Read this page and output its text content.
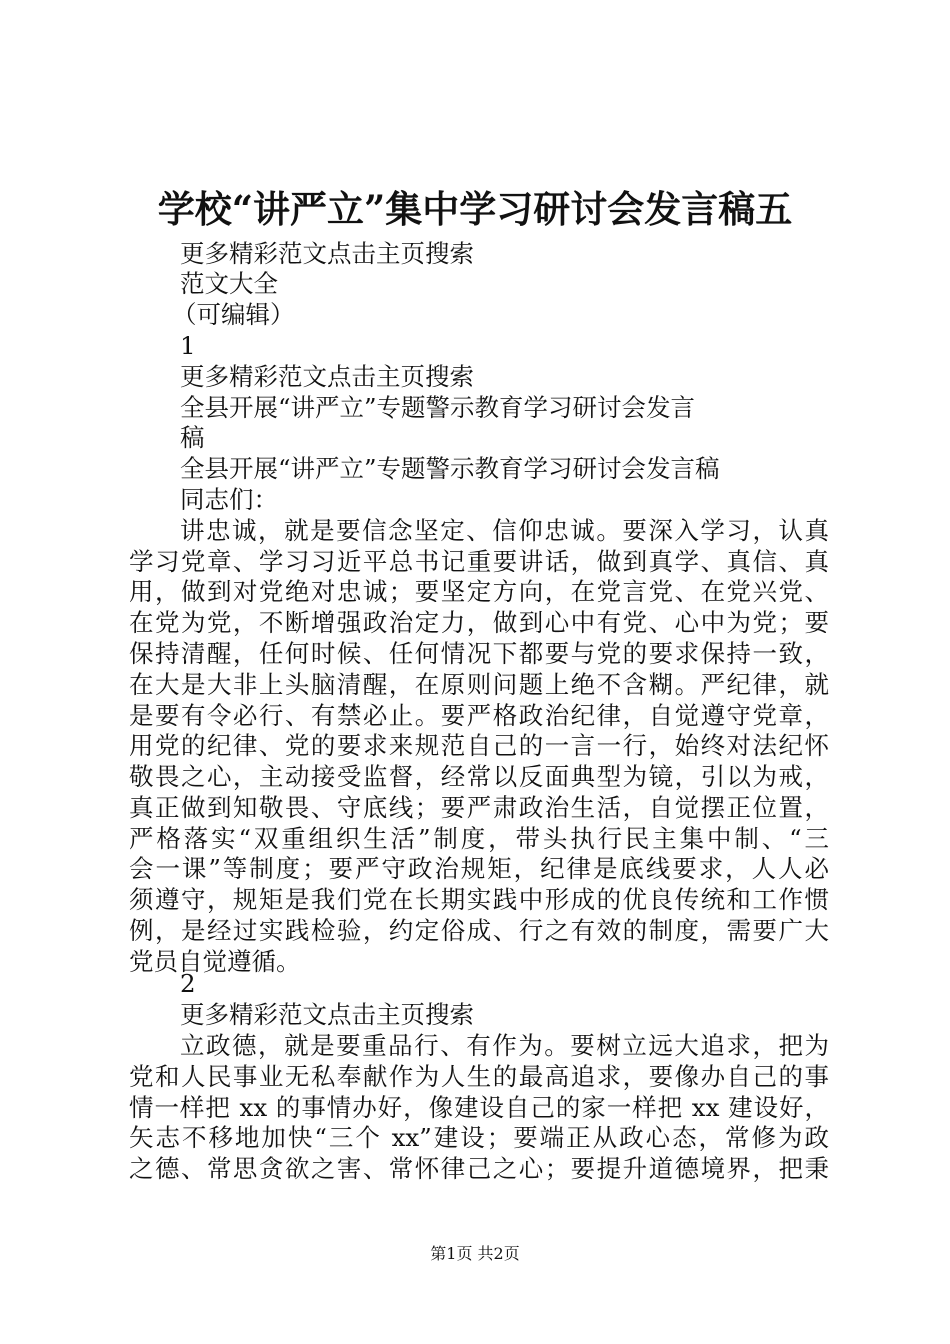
学校“讲严立”集中学习研讨会发言稿五
更多精彩范文点击主页搜索
范文大全
（可编辑）
1
更多精彩范文点击主页搜索
全县开展“讲严立”专题警示教育学习研讨会发言
稿
全县开展“讲严立”专题警示教育学习研讨会发言稿
同志们：
讲忠诚，就是要信念坚定、信仰忠诚。要深入学习，认真
学习党章、学习习近平总书记重要讲话，做到真学、真信、真
用，做到对党绝对忠诚；要坚定方向，在党言党、在党兴党、
在党为党，不断增强政治定力，做到心中有党、心中为党；要
保持清醒，任何时候、任何情况下都要与党的要求保持一致，
在大是大非上头脑清醒，在原则问题上绝不含糊。严纪律，就
是要有令必行、有禁必止。要严格政治纪律，自觉遵守党章，
用党的纪律、党的要求来规范自己的一言一行，始终对法纪怀
敬畏之心，主动接受监督，经常以反面典型为镜，引以为戒，
真正做到知敬畏、守底线；要严肃政治生活，自觉摆正位置，
严格落实“双重组织生活”制度，带头执行民主集中制、“三
会一课”等制度；要严守政治规矩，纪律是底线要求，人人必
须遵守，规矩是我们党在长期实践中形成的优良传统和工作惯
例，是经过实践检验，约定俗成、行之有效的制度，需要广大
党员自觉遵循。
2
更多精彩范文点击主页搜索
立政德，就是要重品行、有作为。要树立远大追求，把为
党和人民事业无私奉献作为人生的最高追求，要像办自己的事
情一样把 xx 的事情办好，像建设自己的家一样把 xx 建设好，
矢志不移地加快“三个 xx”建设；要端正从政心态，常修为政
之德、常思贪欲之害、常怀律己之心；要提升道德境界，把秉
第1页 共2页
